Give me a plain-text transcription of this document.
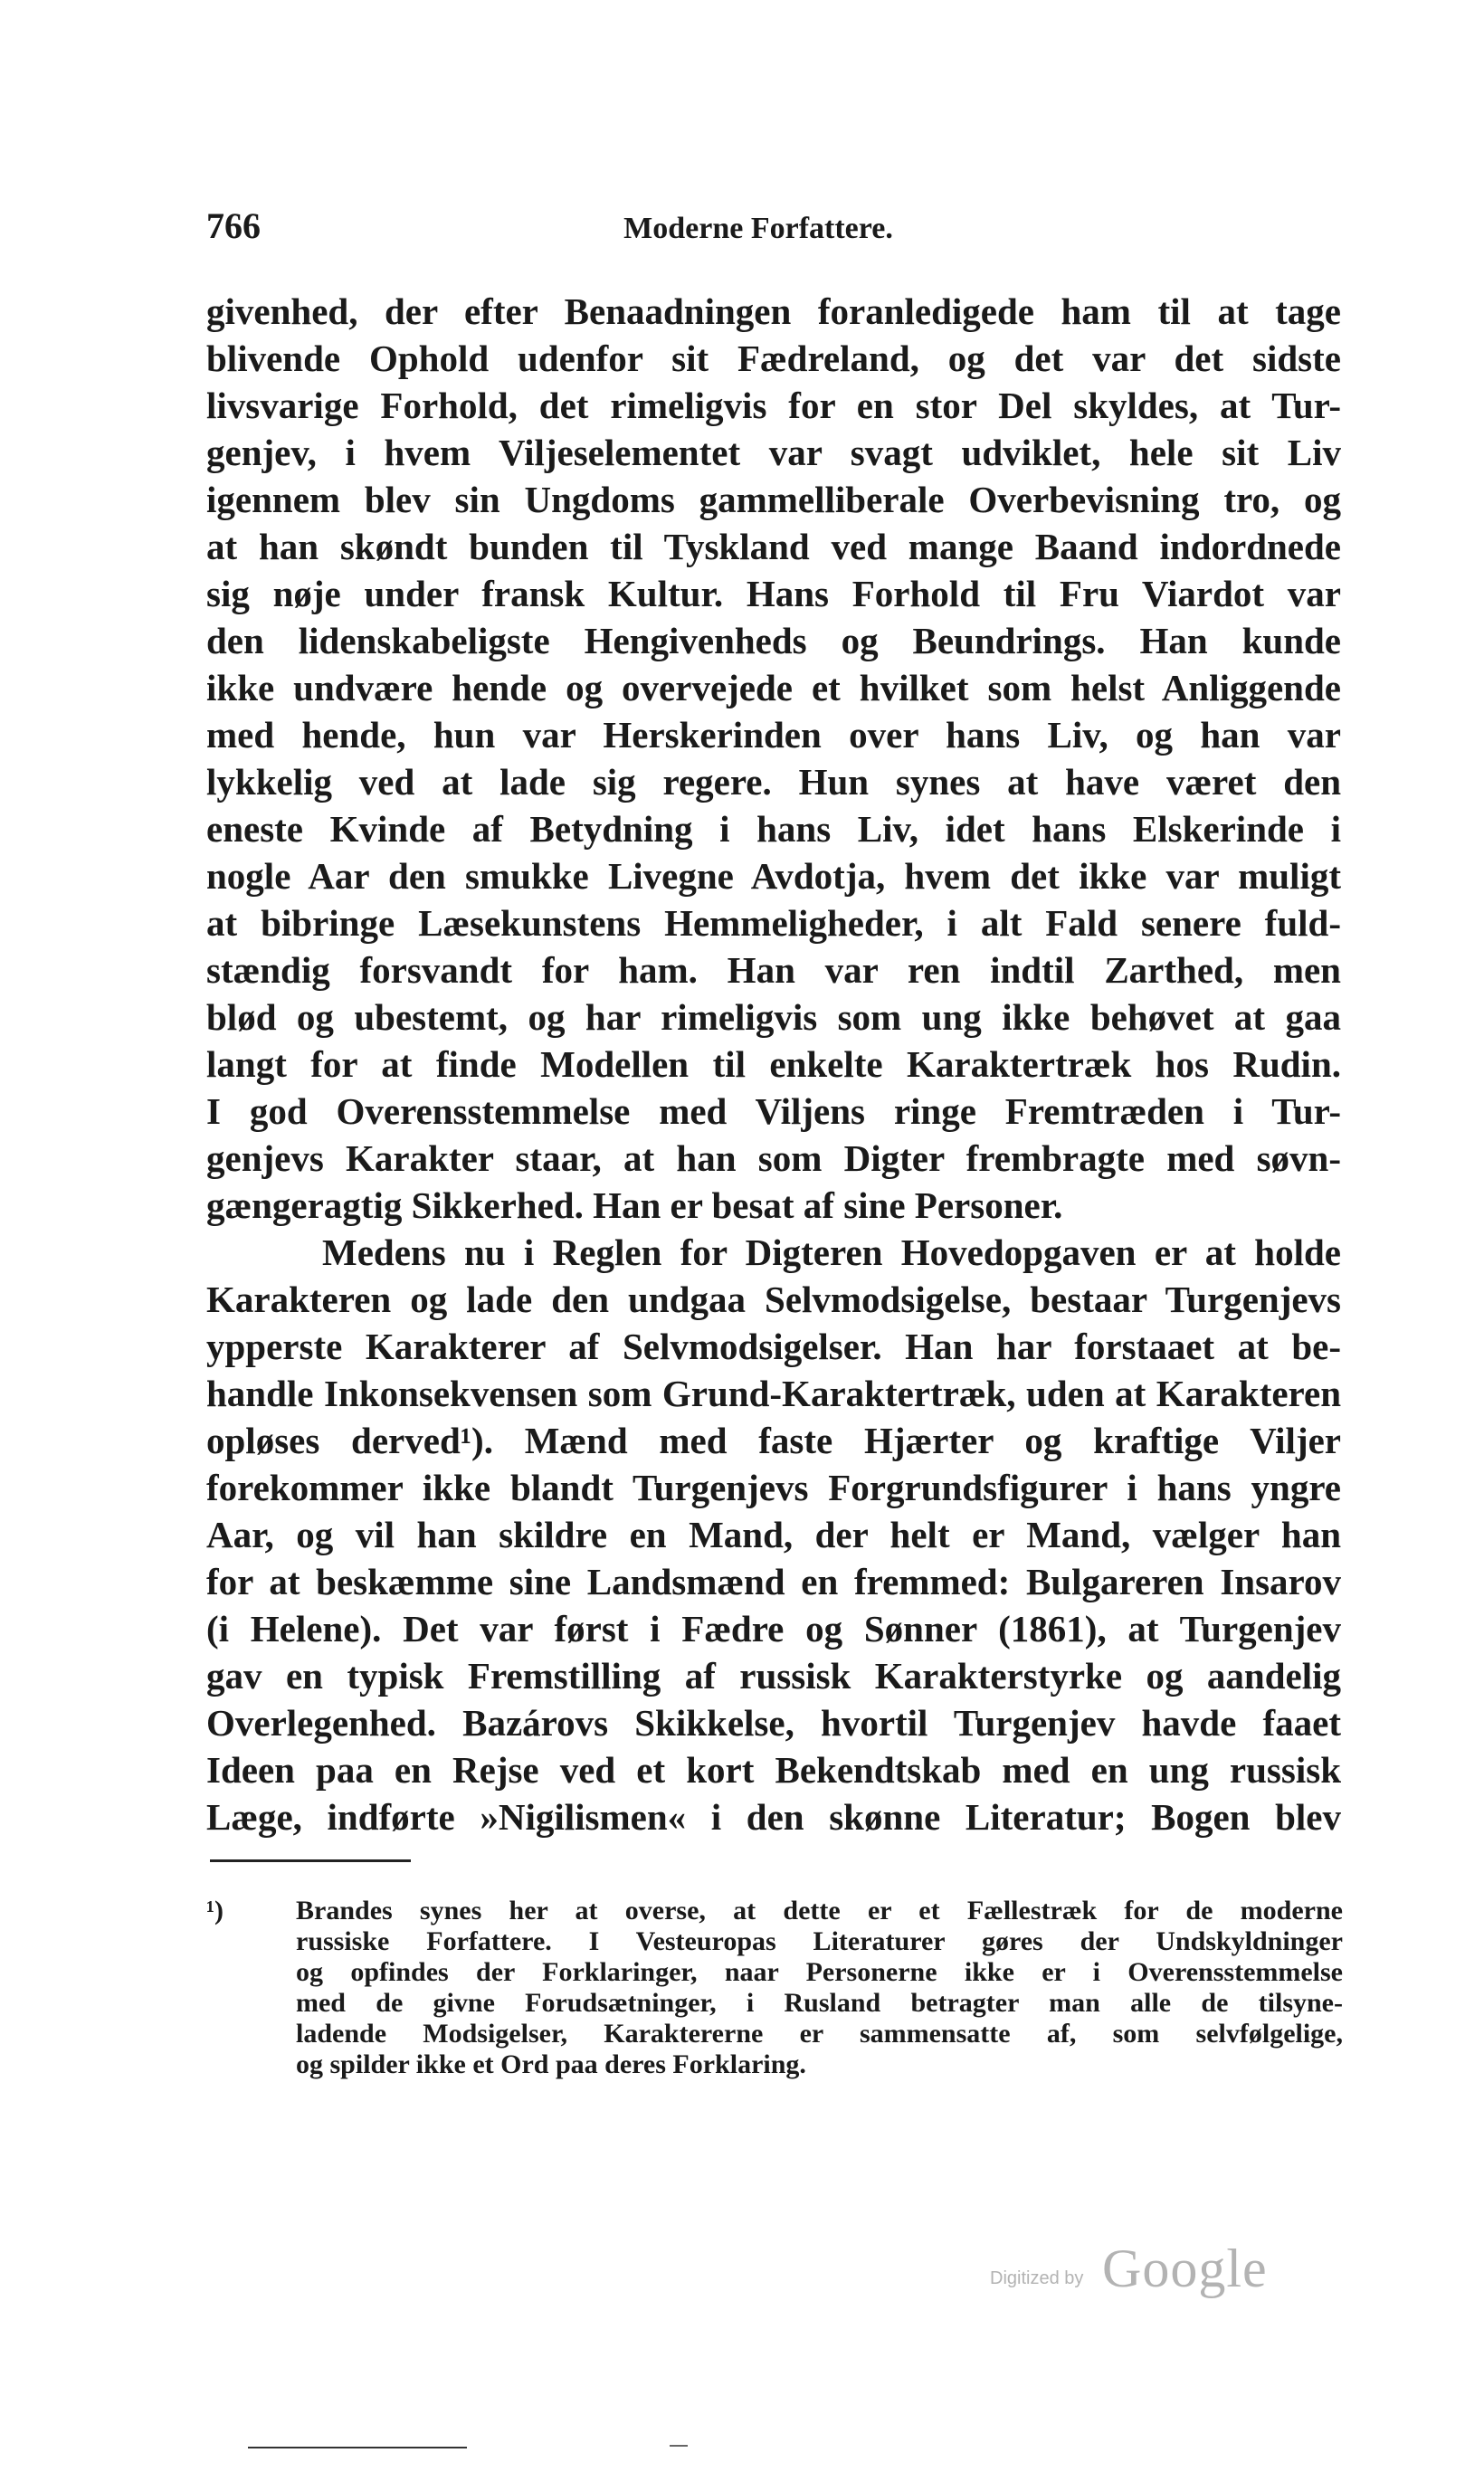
766	Moderne Forfattere.
givenhed, der efter Benaadningen foranledigede ham til at tage
blivende Ophold udenfor sit Fædreland, og det var det sidste
livsvarige Forhold, det rimeligvis for en stor Del skyldes, at Tur-
genjev, i hvem Viljeselementet var svagt udviklet, hele sit Liv
igennem blev sin Ungdoms gammelliberale Overbevisning tro, og
at han skøndt bunden til Tyskland ved mange Baand indordnede
sig nøje under fransk Kultur. Hans Forhold til Fru Viardot var
den lidenskabeligste Hengivenheds og Beundrings. Han kunde
ikke undvære hende og overvejede et hvilket som helst Anliggende
med hende, hun var Herskerinden over hans Liv, og han var
lykkelig ved at lade sig regere. Hun synes at have været den
eneste Kvinde af Betydning i hans Liv, idet hans Elskerinde i
nogle Aar den smukke Livegne Avdotja, hvem det ikke var muligt
at bibringe Læsekunstens Hemmeligheder, i alt Fald senere fuld-
stændig forsvandt for ham. Han var ren indtil Zarthed, men
blød og ubestemt, og har rimeligvis som ung ikke behøvet at gaa
langt for at finde Modellen til enkelte Karaktertræk hos Rudin.
I god Overensstemmelse med Viljens ringe Fremtræden i Tur-
genjevs Karakter staar, at han som Digter frembragte med søvn-
gængeragtig Sikkerhed. Han er besat af sine Personer.
Medens nu i Reglen for Digteren Hovedopgaven er at holde
Karakteren og lade den undgaa Selvmodsigelse, bestaar Turgenjevs
ypperste Karakterer af Selvmodsigelser. Han har forstaaet at be-
handle Inkonsekvensen som Grund-Karaktertræk, uden at Karakteren
opløses derved¹). Mænd med faste Hjærter og kraftige Viljer
forekommer ikke blandt Turgenjevs Forgrundsfigurer i hans yngre
Aar, og vil han skildre en Mand, der helt er Mand, vælger han
for at beskæmme sine Landsmænd en fremmed: Bulgareren Insarov
(i Helene). Det var først i Fædre og Sønner (1861), at Turgenjev
gav en typisk Fremstilling af russisk Karakterstyrke og aandelig
Overlegenhed. Bazárovs Skikkelse, hvortil Turgenjev havde faaet
Ideen paa en Rejse ved et kort Bekendtskab med en ung russisk
Læge, indførte »Nigilismen« i den skønne Literatur; Bogen blev
¹)	Brandes synes her at overse, at dette er et Fællestræk for de moderne
russiske Forfattere. I Vesteuropas Literaturer gøres der Undskyldninger
og opfindes der Forklaringer, naar Personerne ikke er i Overensstemmelse
med de givne Forudsætninger, i Rusland betragter man alle de tilsyne-
ladende Modsigelser, Karaktererne er sammensatte af, som selvfølgelige,
og spilder ikke et Ord paa deres Forklaring.
Digitized by Google
